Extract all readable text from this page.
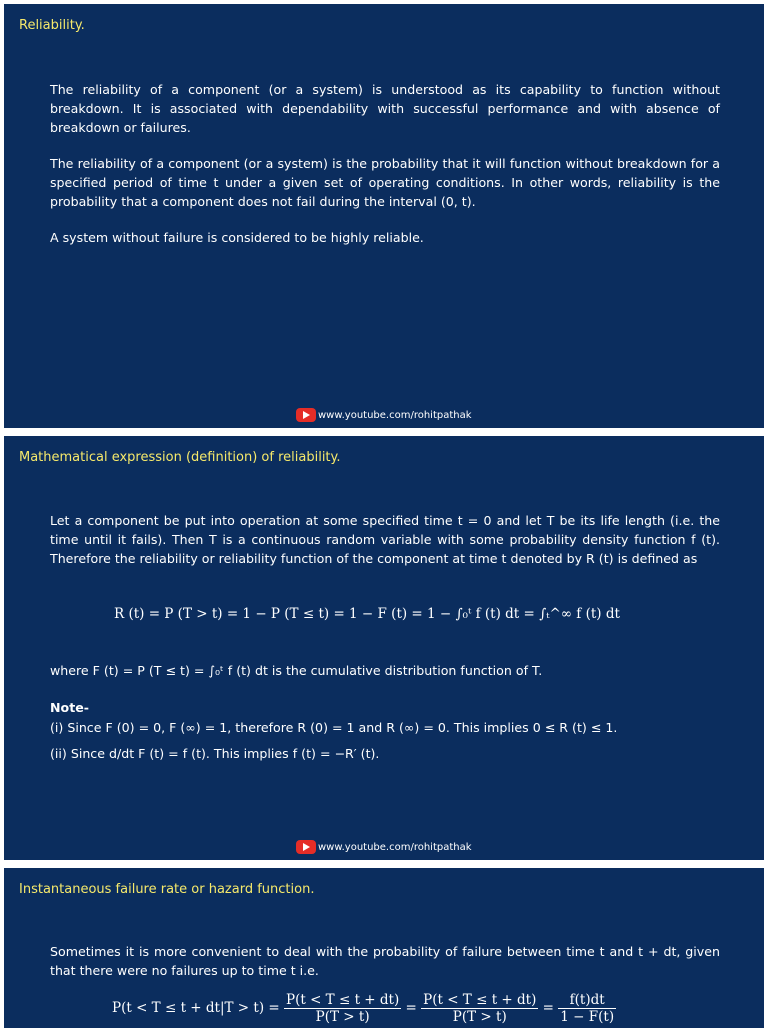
Reliability.
The reliability of a component (or a system) is understood as its capability to function without breakdown. It is associated with dependability with successful performance and with absence of breakdown or failures.
The reliability of a component (or a system) is the probability that it will function without breakdown for a specified period of time t under a given set of operating conditions. In other words, reliability is the probability that a component does not fail during the interval (0, t).
A system without failure is considered to be highly reliable.
www.youtube.com/rohitpathak
Mathematical expression (definition) of reliability.
Let a component be put into operation at some specified time t = 0 and let T be its life length (i.e. the time until it fails). Then T is a continuous random variable with some probability density function f (t). Therefore the reliability or reliability function of the component at time t denoted by R (t) is defined as
R (t) = P (T > t) = 1 − P (T ≤ t) = 1 − F (t) = 1 − ∫₀ᵗ f (t) dt = ∫ₜ^∞ f (t) dt
where F (t) = P (T ≤ t) = ∫₀ᵗ f (t) dt is the cumulative distribution function of T.
Note-
(i) Since F (0) = 0, F (∞) = 1, therefore R (0) = 1 and R (∞) = 0. This implies 0 ≤ R (t) ≤ 1.
(ii) Since d/dt F (t) = f (t). This implies f (t) = −R′ (t).
www.youtube.com/rohitpathak
Instantaneous failure rate or hazard function.
Sometimes it is more convenient to deal with the probability of failure between time t and t + dt, given that there were no failures up to time t i.e.
$P(t < T \le t + dt|T > t) = \frac{P(t < T \le t + dt)}{P(T > t)} = \frac{P(t < T \le t + dt)}{P(T > t)} = \frac{f(t)dt}{1 - F(t)}$
